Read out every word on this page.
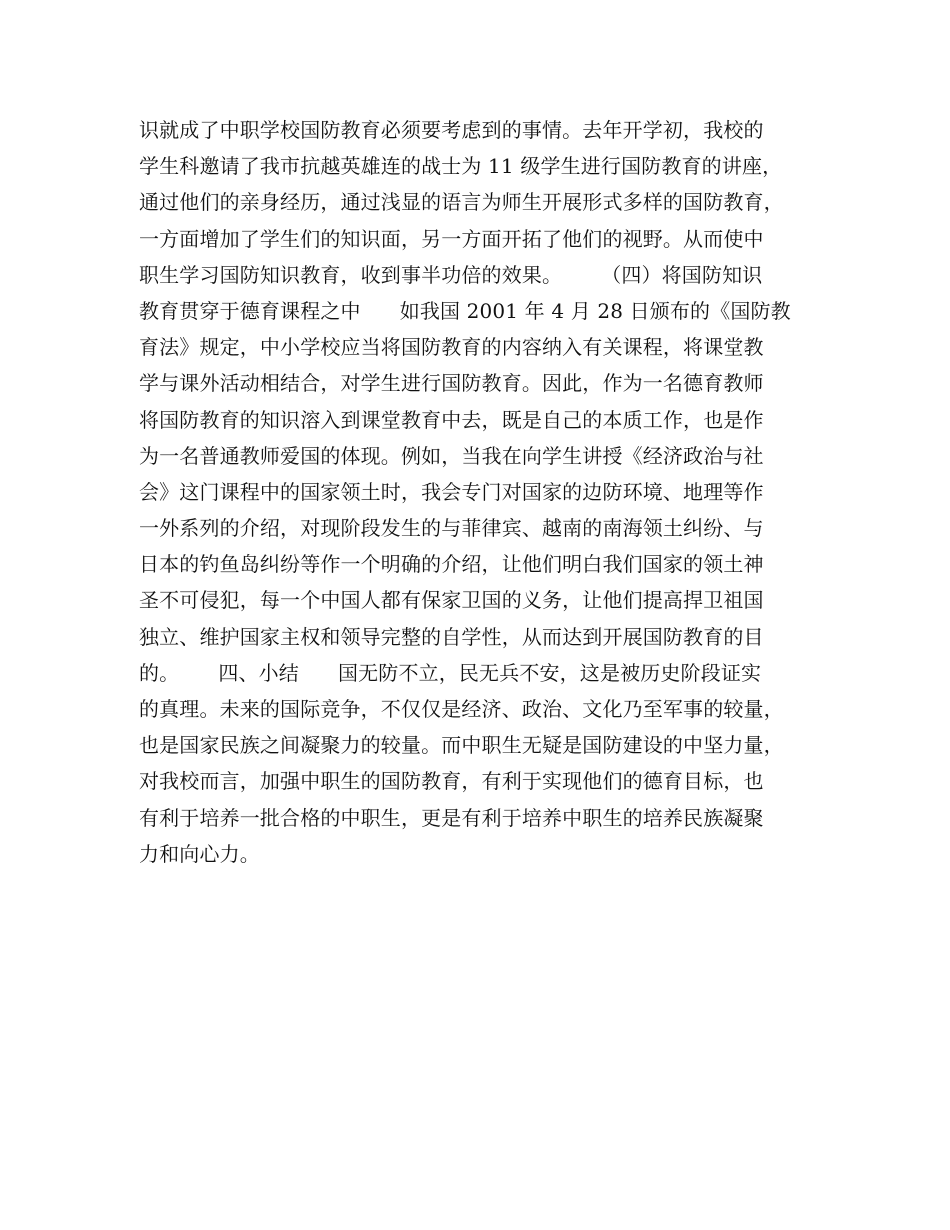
识就成了中职学校国防教育必须要考虑到的事情。去年开学初，我校的
学生科邀请了我市抗越英雄连的战士为 11 级学生进行国防教育的讲座，
通过他们的亲身经历，通过浅显的语言为师生开展形式多样的国防教育，
一方面增加了学生们的知识面，另一方面开拓了他们的视野。从而使中
职生学习国防知识教育，收到事半功倍的效果。      （四）将国防知识
教育贯穿于德育课程之中      如我国 2001 年 4 月 28 日颁布的《国防教
育法》规定，中小学校应当将国防教育的内容纳入有关课程，将课堂教
学与课外活动相结合，对学生进行国防教育。因此，作为一名德育教师
将国防教育的知识溶入到课堂教育中去，既是自己的本质工作，也是作
为一名普通教师爱国的体现。例如，当我在向学生讲授《经济政治与社
会》这门课程中的国家领土时，我会专门对国家的边防环境、地理等作
一外系列的介绍，对现阶段发生的与菲律宾、越南的南海领土纠纷、与
日本的钓鱼岛纠纷等作一个明确的介绍，让他们明白我们国家的领土神
圣不可侵犯，每一个中国人都有保家卫国的义务，让他们提高捍卫祖国
独立、维护国家主权和领导完整的自学性，从而达到开展国防教育的目
的。      四、小结      国无防不立，民无兵不安，这是被历史阶段证实
的真理。未来的国际竞争，不仅仅是经济、政治、文化乃至军事的较量，
也是国家民族之间凝聚力的较量。而中职生无疑是国防建设的中坚力量，
对我校而言，加强中职生的国防教育，有利于实现他们的德育目标，也
有利于培养一批合格的中职生，更是有利于培养中职生的培养民族凝聚
力和向心力。
